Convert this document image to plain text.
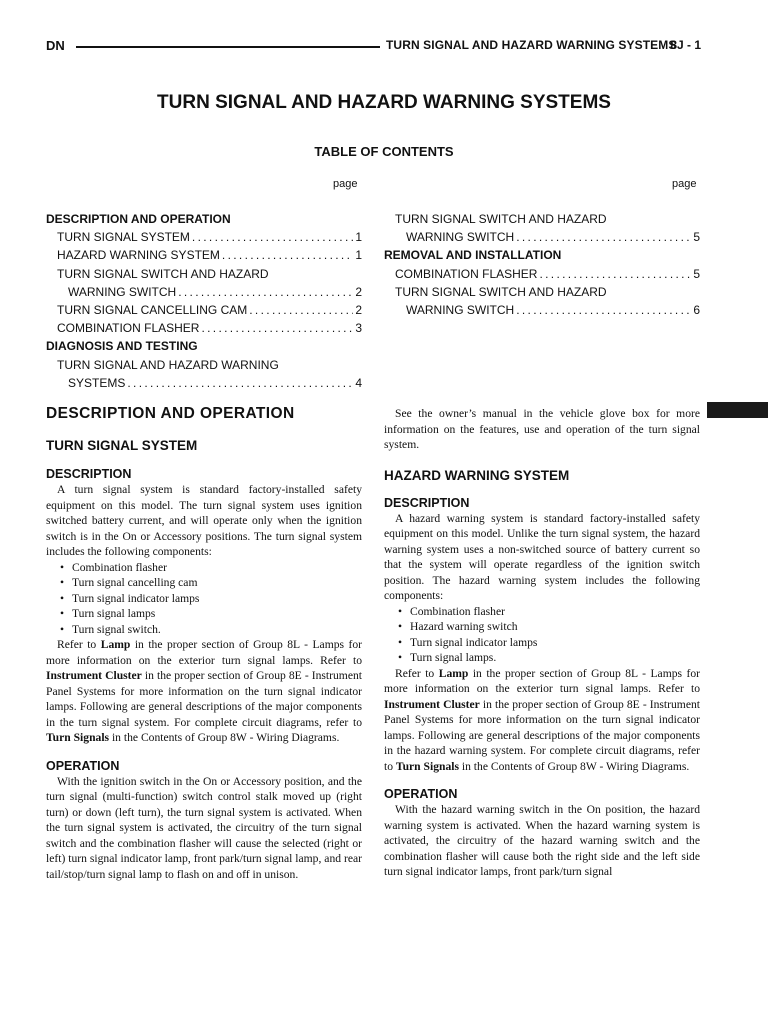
DN	TURN SIGNAL AND HAZARD WARNING SYSTEMS
8J - 1
TURN SIGNAL AND HAZARD WARNING SYSTEMS
TABLE OF CONTENTS
page	page
DESCRIPTION AND OPERATION
TURN SIGNAL SYSTEM . . .	1
HAZARD WARNING SYSTEM . . .	1
TURN SIGNAL SWITCH AND HAZARD
WARNING SWITCH . . .	2
TURN SIGNAL CANCELLING CAM . . .	2
COMBINATION FLASHER . . .	3
DIAGNOSIS AND TESTING
TURN SIGNAL AND HAZARD WARNING
SYSTEMS . . .	4
TURN SIGNAL SWITCH AND HAZARD
WARNING SWITCH . . .	5
REMOVAL AND INSTALLATION
COMBINATION FLASHER . . .	5
TURN SIGNAL SWITCH AND HAZARD
WARNING SWITCH . . .	6
DESCRIPTION AND OPERATION
TURN SIGNAL SYSTEM
DESCRIPTION

A turn signal system is standard factory-installed safety equipment on this model. The turn signal system uses ignition switched battery current, and will operate only when the ignition switch is in the On or Accessory positions. The turn signal system includes the following components:

• Combination flasher
• Turn signal cancelling cam
• Turn signal indicator lamps
• Turn signal lamps
• Turn signal switch.

Refer to Lamp in the proper section of Group 8L - Lamps for more information on the exterior turn signal lamps. Refer to Instrument Cluster in the proper section of Group 8E - Instrument Panel Systems for more information on the turn signal indicator lamps. Following are general descriptions of the major components in the turn signal system. For complete circuit diagrams, refer to Turn Signals in the Contents of Group 8W - Wiring Diagrams.

OPERATION

With the ignition switch in the On or Accessory position, and the turn signal (multi-function) switch control stalk moved up (right turn) or down (left turn), the turn signal system is activated. When the turn signal system is activated, the circuitry of the turn signal switch and the combination flasher will cause the selected (right or left) turn signal indicator lamp, front park/turn signal lamp, and rear tail/stop/turn signal lamp to flash on and off in unison.

See the owner’s manual in the vehicle glove box for more information on the features, use and operation of the turn signal system.

HAZARD WARNING SYSTEM
DESCRIPTION

A hazard warning system is standard factory-installed safety equipment on this model. Unlike the turn signal system, the hazard warning system uses a non-switched source of battery current so that the system will operate regardless of the ignition switch position. The hazard warning system includes the following components:

• Combination flasher
• Hazard warning switch
• Turn signal indicator lamps
• Turn signal lamps.

Refer to Lamp in the proper section of Group 8L - Lamps for more information on the exterior turn signal lamps. Refer to Instrument Cluster in the proper section of Group 8E - Instrument Panel Systems for more information on the turn signal indicator lamps. Following are general descriptions of the major components in the hazard warning system. For complete circuit diagrams, refer to Turn Signals in the Contents of Group 8W - Wiring Diagrams.

OPERATION

With the hazard warning switch in the On position, the hazard warning system is activated. When the hazard warning system is activated, the circuitry of the hazard warning switch and the combination flasher will cause both the right side and the left side turn signal indicator lamps, front park/turn signal
